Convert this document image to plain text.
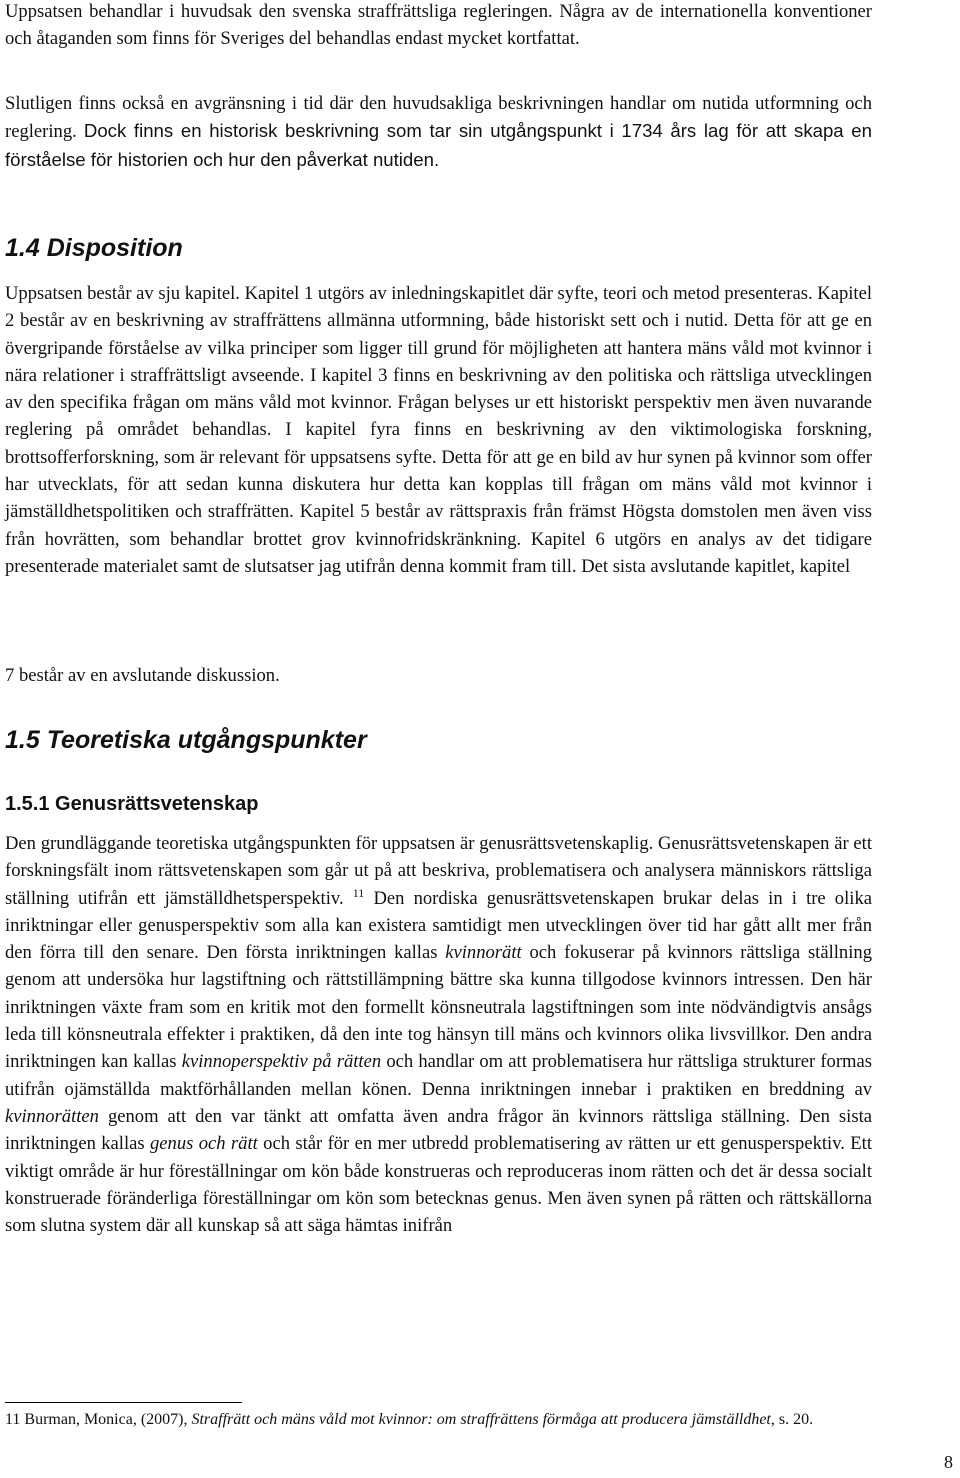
Uppsatsen behandlar i huvudsak den svenska straffrättsliga regleringen. Några av de internationella konventioner och åtaganden som finns för Sveriges del behandlas endast mycket kortfattat.

Slutligen finns också en avgränsning i tid där den huvudsakliga beskrivningen handlar om nutida utformning och reglering. Dock finns en historisk beskrivning som tar sin utgångspunkt i 1734 års lag för att skapa en förståelse för historien och hur den påverkat nutiden.

1.4 Disposition

Uppsatsen består av sju kapitel. Kapitel 1 utgörs av inledningskapitlet där syfte, teori och metod presenteras. Kapitel 2 består av en beskrivning av straffrättens allmänna utformning, både historiskt sett och i nutid. Detta för att ge en övergripande förståelse av vilka principer som ligger till grund för möjligheten att hantera mäns våld mot kvinnor i nära relationer i straffrättsligt avseende. I kapitel 3 finns en beskrivning av den politiska och rättsliga utvecklingen av den specifika frågan om mäns våld mot kvinnor. Frågan belyses ur ett historiskt perspektiv men även nuvarande reglering på området behandlas. I kapitel fyra finns en beskrivning av den viktimologiska forskning, brottsofferforskning, som är relevant för uppsatsens syfte. Detta för att ge en bild av hur synen på kvinnor som offer har utvecklats, för att sedan kunna diskutera hur detta kan kopplas till frågan om mäns våld mot kvinnor i jämställdhetspolitiken och straffrätten. Kapitel 5 består av rättspraxis från främst Högsta domstolen men även viss från hovrätten, som behandlar brottet grov kvinnofridskränkning. Kapitel 6 utgörs en analys av det tidigare presenterade materialet samt de slutsatser jag utifrån denna kommit fram till. Det sista avslutande kapitlet, kapitel

7 består av en avslutande diskussion.

1.5 Teoretiska utgångspunkter
1.5.1 Genusrättsvetenskap

Den grundläggande teoretiska utgångspunkten för uppsatsen är genusrättsvetenskaplig. Genusrättsvetenskapen är ett forskningsfält inom rättsvetenskapen som går ut på att beskriva, problematisera och analysera människors rättsliga ställning utifrån ett jämställdhetsperspektiv. $^{11}$ Den nordiska genusrättsvetenskapen brukar delas in i tre olika inriktningar eller genusperspektiv som alla kan existera samtidigt men utvecklingen över tid har gått allt mer från den förra till den senare. Den första inriktningen kallas kvinnorätt och fokuserar på kvinnors rättsliga ställning genom att undersöka hur lagstiftning och rättstillämpning bättre ska kunna tillgodose kvinnors intressen. Den här inriktningen växte fram som en kritik mot den formellt könsneutrala lagstiftningen som inte nödvändigtvis ansågs leda till könsneutrala effekter i praktiken, då den inte tog hänsyn till mäns och kvinnors olika livsvillkor. Den andra inriktningen kan kallas kvinnoperspektiv på rätten och handlar om att problematisera hur rättsliga strukturer formas utifrån ojämställda maktförhållanden mellan könen. Denna inriktningen innebar i praktiken en breddning av kvinnorätten genom att den var tänkt att omfatta även andra frågor än kvinnors rättsliga ställning. Den sista inriktningen kallas genus och rätt och står för en mer utbredd problematisering av rätten ur ett genusperspektiv. Ett viktigt område är hur föreställningar om kön både konstrueras och reproduceras inom rätten och det är dessa socialt konstruerade föränderliga föreställningar om kön som betecknas genus. Men även synen på rätten och rättskällorna som slutna system där all kunskap så att säga hämtas inifrån

11 Burman, Monica, (2007), Straffrätt och mäns våld mot kvinnor: om straffrättens förmåga att producera jämställdhet, s. 20.

8
